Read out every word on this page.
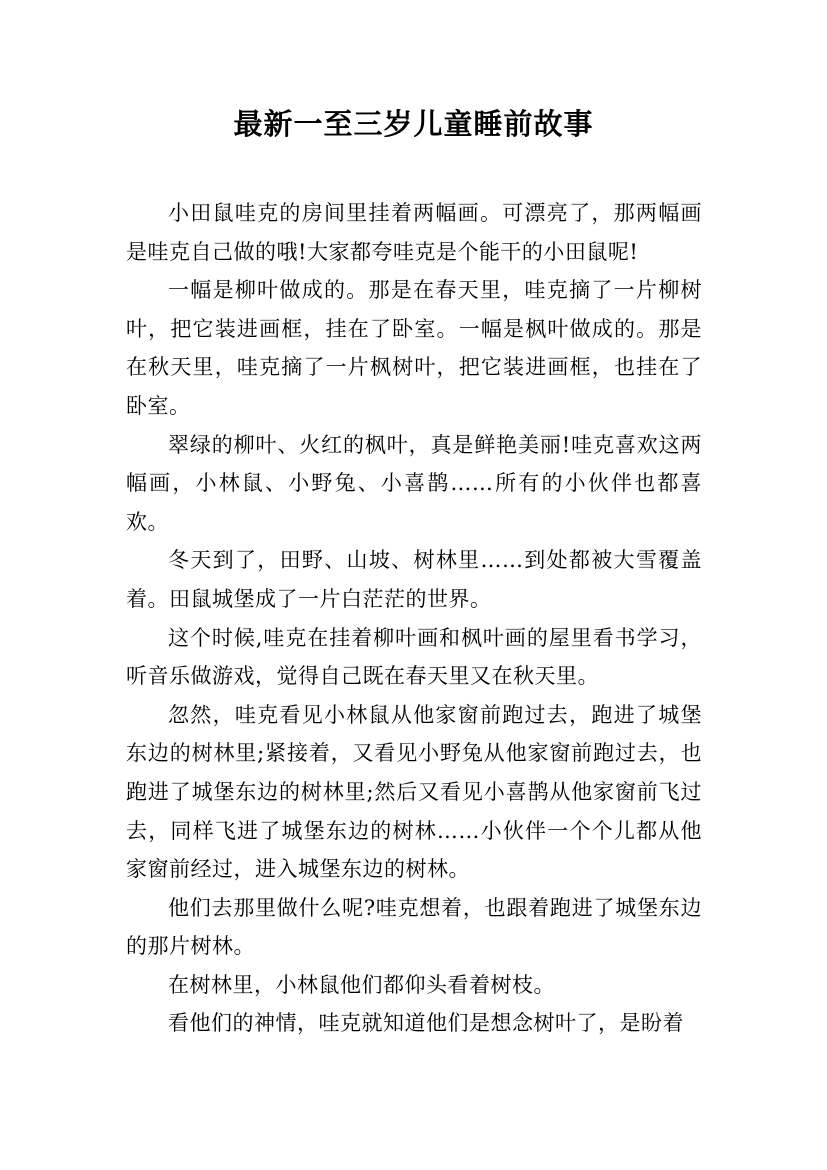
最新一至三岁儿童睡前故事

小田鼠哇克的房间里挂着两幅画。可漂亮了，那两幅画是哇克自己做的哦!大家都夸哇克是个能干的小田鼠呢!

一幅是柳叶做成的。那是在春天里，哇克摘了一片柳树叶，把它装进画框，挂在了卧室。一幅是枫叶做成的。那是在秋天里，哇克摘了一片枫树叶，把它装进画框，也挂在了卧室。

翠绿的柳叶、火红的枫叶，真是鲜艳美丽!哇克喜欢这两幅画，小林鼠、小野兔、小喜鹊……所有的小伙伴也都喜欢。

冬天到了，田野、山坡、树林里……到处都被大雪覆盖着。田鼠城堡成了一片白茫茫的世界。

这个时候,哇克在挂着柳叶画和枫叶画的屋里看书学习，听音乐做游戏，觉得自己既在春天里又在秋天里。

忽然，哇克看见小林鼠从他家窗前跑过去，跑进了城堡东边的树林里;紧接着，又看见小野兔从他家窗前跑过去，也跑进了城堡东边的树林里;然后又看见小喜鹊从他家窗前飞过去，同样飞进了城堡东边的树林……小伙伴一个个儿都从他家窗前经过，进入城堡东边的树林。

他们去那里做什么呢?哇克想着，也跟着跑进了城堡东边的那片树林。

在树林里，小林鼠他们都仰头看着树枝。

看他们的神情，哇克就知道他们是想念树叶了，是盼着
